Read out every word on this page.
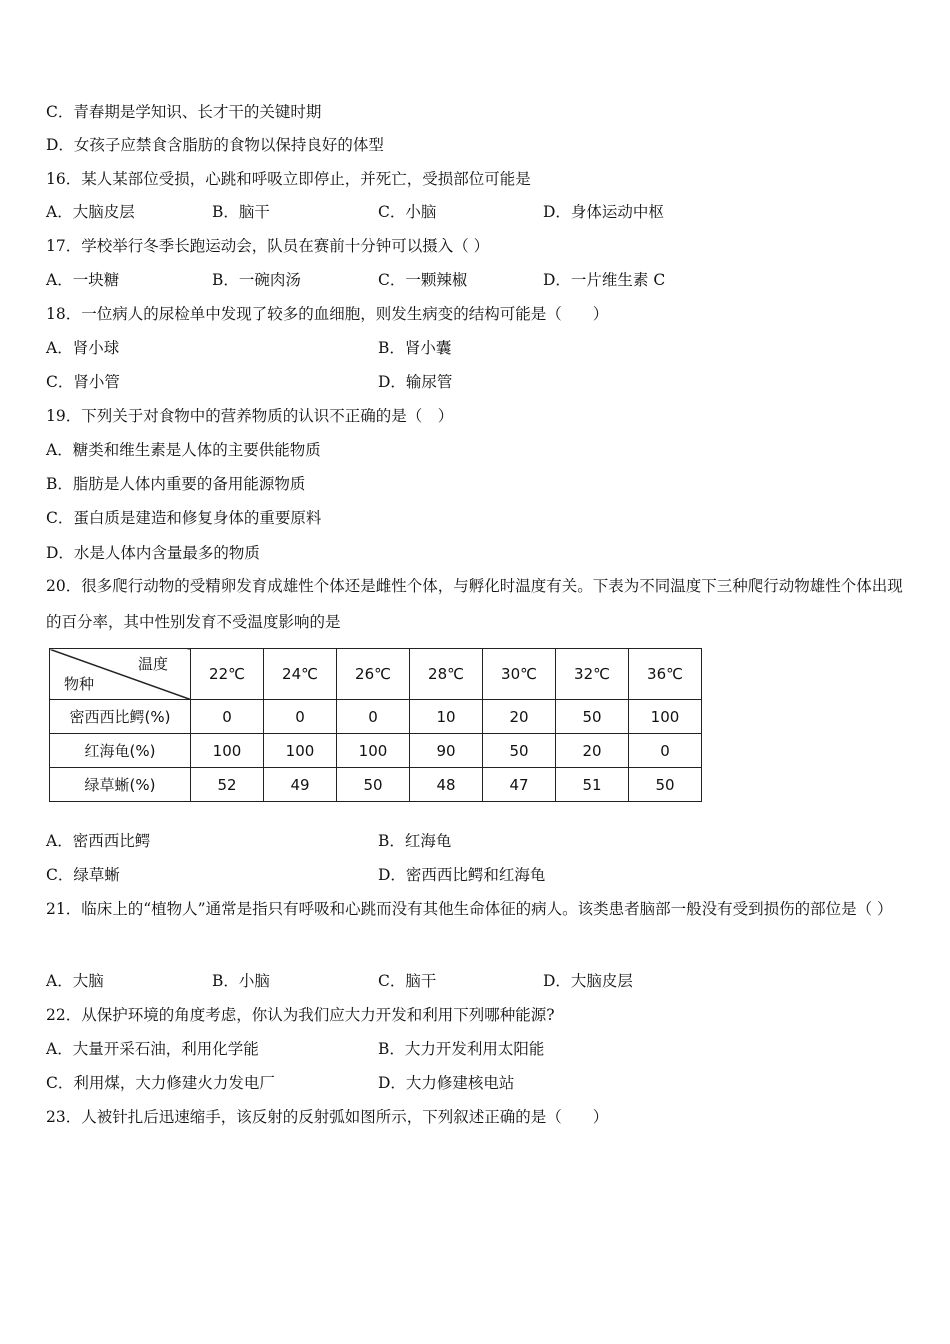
C．青春期是学知识、长才干的关键时期
D．女孩子应禁食含脂肪的食物以保持良好的体型
16．某人某部位受损，心跳和呼吸立即停止，并死亡，受损部位可能是
A．大脑皮层	B．脑干	C．小脑	D．身体运动中枢
17．学校举行冬季长跑运动会，队员在赛前十分钟可以摄入（ ）
A．一块糖	B．一碗肉汤	C．一颗辣椒	D．一片维生素 C
18．一位病人的尿检单中发现了较多的血细胞，则发生病变的结构可能是（　　）
A．肾小球	B．肾小囊
C．肾小管	D．输尿管
19．下列关于对食物中的营养物质的认识不正确的是（　）
A．糖类和维生素是人体的主要供能物质
B．脂肪是人体内重要的备用能源物质
C．蛋白质是建造和修复身体的重要原料
D．水是人体内含量最多的物质
20．很多爬行动物的受精卵发育成雄性个体还是雌性个体，与孵化时温度有关。下表为不同温度下三种爬行动物雄性个体出现的百分率，其中性别发育不受温度影响的是
温度
物种	22℃	24℃	26℃	28℃	30℃	32℃	36℃
密西西比鳄(%)	0	0	0	10	20	50	100
红海龟(%)	100	100	100	90	50	20	0
绿草蜥(%)	52	49	50	48	47	51	50
A．密西西比鳄	B．红海龟
C．绿草蜥	D．密西西比鳄和红海龟
21．临床上的“植物人”通常是指只有呼吸和心跳而没有其他生命体征的病人。该类患者脑部一般没有受到损伤的部位是（ ）
A．大脑	B．小脑	C．脑干	D．大脑皮层
22．从保护环境的角度考虑，你认为我们应大力开发和利用下列哪种能源?
A．大量开采石油，利用化学能	B．大力开发利用太阳能
C．利用煤，大力修建火力发电厂	D．大力修建核电站
23．人被针扎后迅速缩手，该反射的反射弧如图所示，下列叙述正确的是（　　）
